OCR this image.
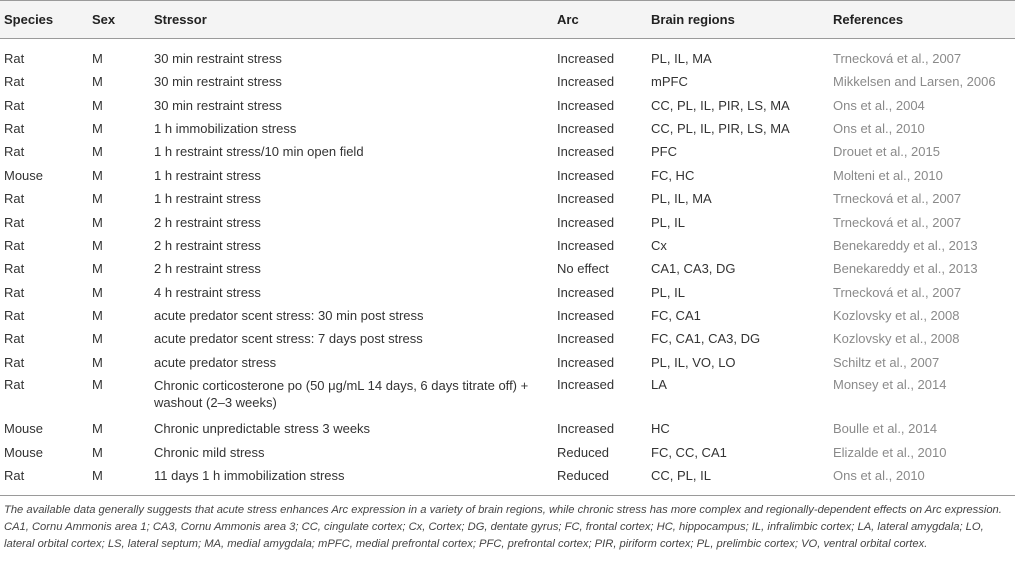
Species	Sex	Stressor	Arc	Brain regions	References
Rat	M	30 min restraint stress	Increased	PL, IL, MA	Trnecková et al., 2007
Rat	M	30 min restraint stress	Increased	mPFC	Mikkelsen and Larsen, 2006
Rat	M	30 min restraint stress	Increased	CC, PL, IL, PIR, LS, MA	Ons et al., 2004
Rat	M	1 h immobilization stress	Increased	CC, PL, IL, PIR, LS, MA	Ons et al., 2010
Rat	M	1 h restraint stress/10 min open field	Increased	PFC	Drouet et al., 2015
Mouse	M	1 h restraint stress	Increased	FC, HC	Molteni et al., 2010
Rat	M	1 h restraint stress	Increased	PL, IL, MA	Trnecková et al., 2007
Rat	M	2 h restraint stress	Increased	PL, IL	Trnecková et al., 2007
Rat	M	2 h restraint stress	Increased	Cx	Benekareddy et al., 2013
Rat	M	2 h restraint stress	No effect	CA1, CA3, DG	Benekareddy et al., 2013
Rat	M	4 h restraint stress	Increased	PL, IL	Trnecková et al., 2007
Rat	M	acute predator scent stress: 30 min post stress	Increased	FC, CA1	Kozlovsky et al., 2008
Rat	M	acute predator scent stress: 7 days post stress	Increased	FC, CA1, CA3, DG	Kozlovsky et al., 2008
Rat	M	acute predator stress	Increased	PL, IL, VO, LO	Schiltz et al., 2007
Rat	M	Chronic corticosterone po (50 μg/mL 14 days, 6 days titrate off) + washout (2–3 weeks)	Increased	LA	Monsey et al., 2014
Mouse	M	Chronic unpredictable stress 3 weeks	Increased	HC	Boulle et al., 2014
Mouse	M	Chronic mild stress	Reduced	FC, CC, CA1	Elizalde et al., 2010
Rat	M	11 days 1 h immobilization stress	Reduced	CC, PL, IL	Ons et al., 2010
The available data generally suggests that acute stress enhances Arc expression in a variety of brain regions, while chronic stress has more complex and regionally-dependent effects on Arc expression. CA1, Cornu Ammonis area 1; CA3, Cornu Ammonis area 3; CC, cingulate cortex; Cx, Cortex; DG, dentate gyrus; FC, frontal cortex; HC, hippocampus; IL, infralimbic cortex; LA, lateral amygdala; LO, lateral orbital cortex; LS, lateral septum; MA, medial amygdala; mPFC, medial prefrontal cortex; PFC, prefrontal cortex; PIR, piriform cortex; PL, prelimbic cortex; VO, ventral orbital cortex.
